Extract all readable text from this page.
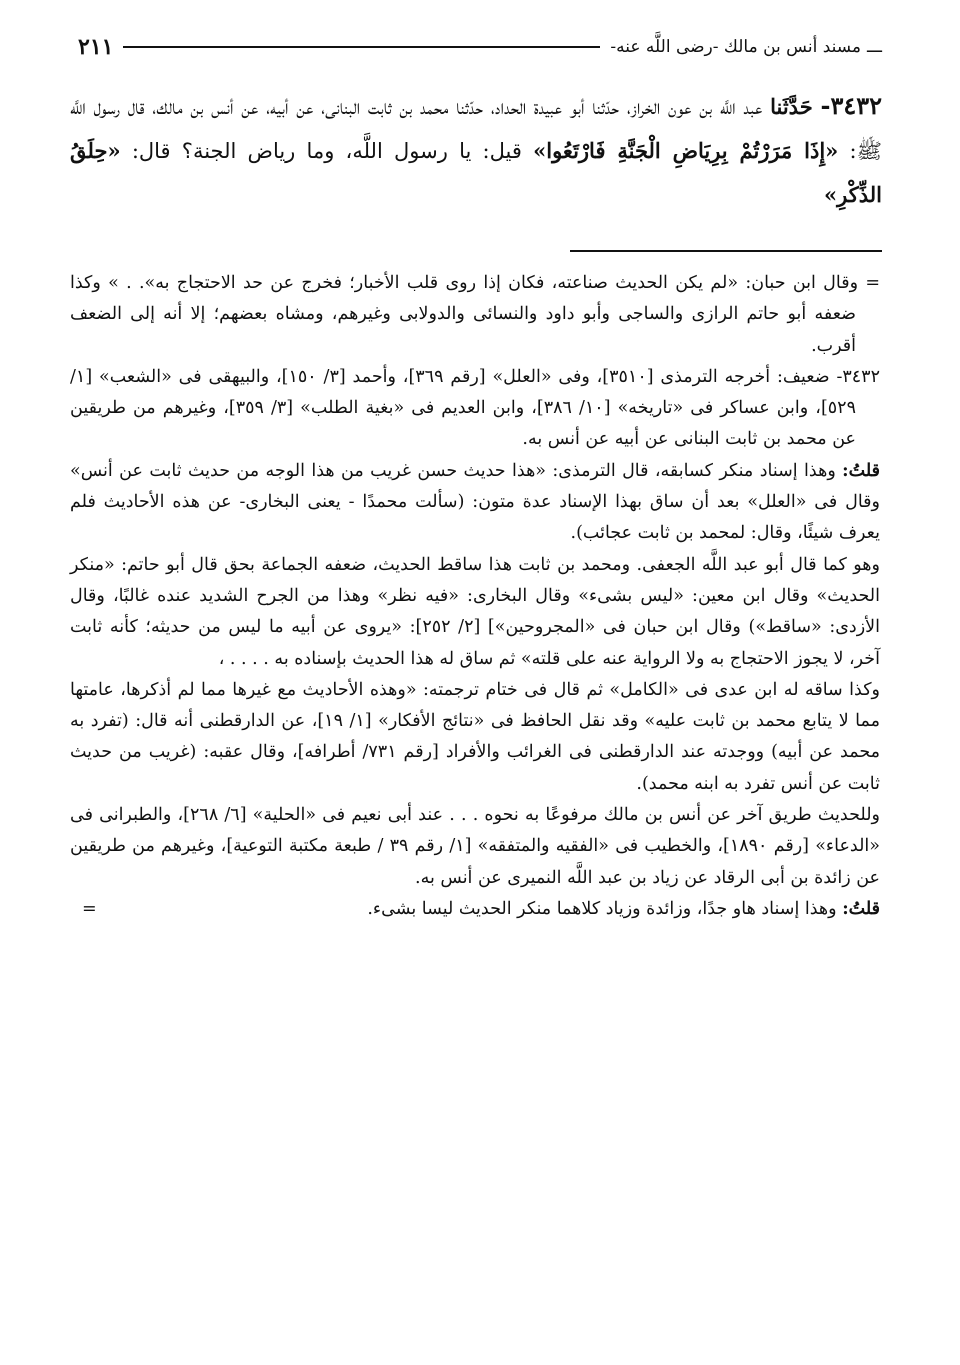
ـــ
مسند أنس بن مالك -رضى اللَّه عنه-
٢١١
٣٤٣٢- حَدَّثَنا عبد اللَّه بن عون الخراز، حدّثنا أبو عبيدة الحداد، حدّثنا محمد بن ثابت البنانى، عن أبيه، عن أنس بن مالك، قال رسول اللَّه ﷺ: «إِذَا مَرَرْتُمْ بِرِيَاضِ الْجَنَّةِ فَارْتَعُوا» قيل: يا رسول اللَّه، وما رياض الجنة؟ قال: «حِلَقُ الذِّكْرِ»

= وقال ابن حبان: «لم يكن الحديث صناعته، فكان إذا روى قلب الأخبار؛ فخرج عن حد الاحتجاج به». . » وكذا ضعفه أبو حاتم الرازى والساجى وأبو داود والنسائى والدولابى وغيرهم، ومشاه بعضهم؛ إلا أنه إلى الضعف أقرب.

٣٤٣٢- ضعيف: أخرجه الترمذى [٣٥١٠]، وفى «العلل» [رقم ٣٦٩]، وأحمد [٣/ ١٥٠]، والبيهقى فى «الشعب» [١/ ٥٢٩]، وابن عساكر فى «تاريخه» [١٠/ ٣٨٦]، وابن العديم فى «بغية الطلب» [٣/ ٣٥٩]، وغيرهم من طريقين عن محمد بن ثابت البنانى عن أبيه عن أنس به.

قلتُ: وهذا إسناد منكر كسابقه، قال الترمذى: «هذا حديث حسن غريب من هذا الوجه من حديث ثابت عن أنس» وقال فى «العلل» بعد أن ساق بهذا الإسناد عدة متون: (سألت محمدًا - يعنى البخارى- عن هذه الأحاديث فلم يعرف شيئًا، وقال: لمحمد بن ثابت عجائب).

وهو كما قال أبو عبد اللَّه الجعفى. ومحمد بن ثابت هذا ساقط الحديث، ضعفه الجماعة بحق قال أبو حاتم: «منكر الحديث» وقال ابن معين: «ليس بشىء» وقال البخارى: «فيه نظر» وهذا من الجرح الشديد عنده غالبًا، وقال الأزدى: «ساقط») وقال ابن حبان فى «المجروحين»] [٢/ ٢٥٢]: «يروى عن أبيه ما ليس من حديثه؛ كأنه ثابت آخر، لا يجوز الاحتجاج به ولا الرواية عنه على قلته» ثم ساق له هذا الحديث بإسناده به . . . . ،

وكذا ساقه له ابن عدى فى «الكامل» ثم قال فى ختام ترجمته: «وهذه الأحاديث مع غيرها مما لم أذكرها، عامتها مما لا يتابع محمد بن ثابت عليه» وقد نقل الحافظ فى «نتائج الأفكار» [١/ ١٩]، عن الدارقطنى أنه قال: (تفرد به محمد عن أبيه) ووجدته عند الدارقطنى فى الغرائب والأفراد [رقم ٧٣١/ أطرافه]، وقال عقبه: (غريب من حديث ثابت عن أنس تفرد به ابنه محمد).

وللحديث طريق آخر عن أنس بن مالك مرفوعًا به نحوه . . . عند أبى نعيم فى «الحلية» [٦/ ٢٦٨]، والطبرانى فى «الدعاء» [رقم ١٨٩٠]، والخطيب فى «الفقيه والمتفقه» [١/ رقم ٣٩ / طبعة مكتبة التوعية]، وغيرهم من طريقين عن زائدة بن أبى الرقاد عن زياد بن عبد اللَّه النميرى عن أنس به.

قلتُ: وهذا إسناد هاو جدًا، وزائدة وزياد كلاهما منكر الحديث ليسا بشىء.
=
